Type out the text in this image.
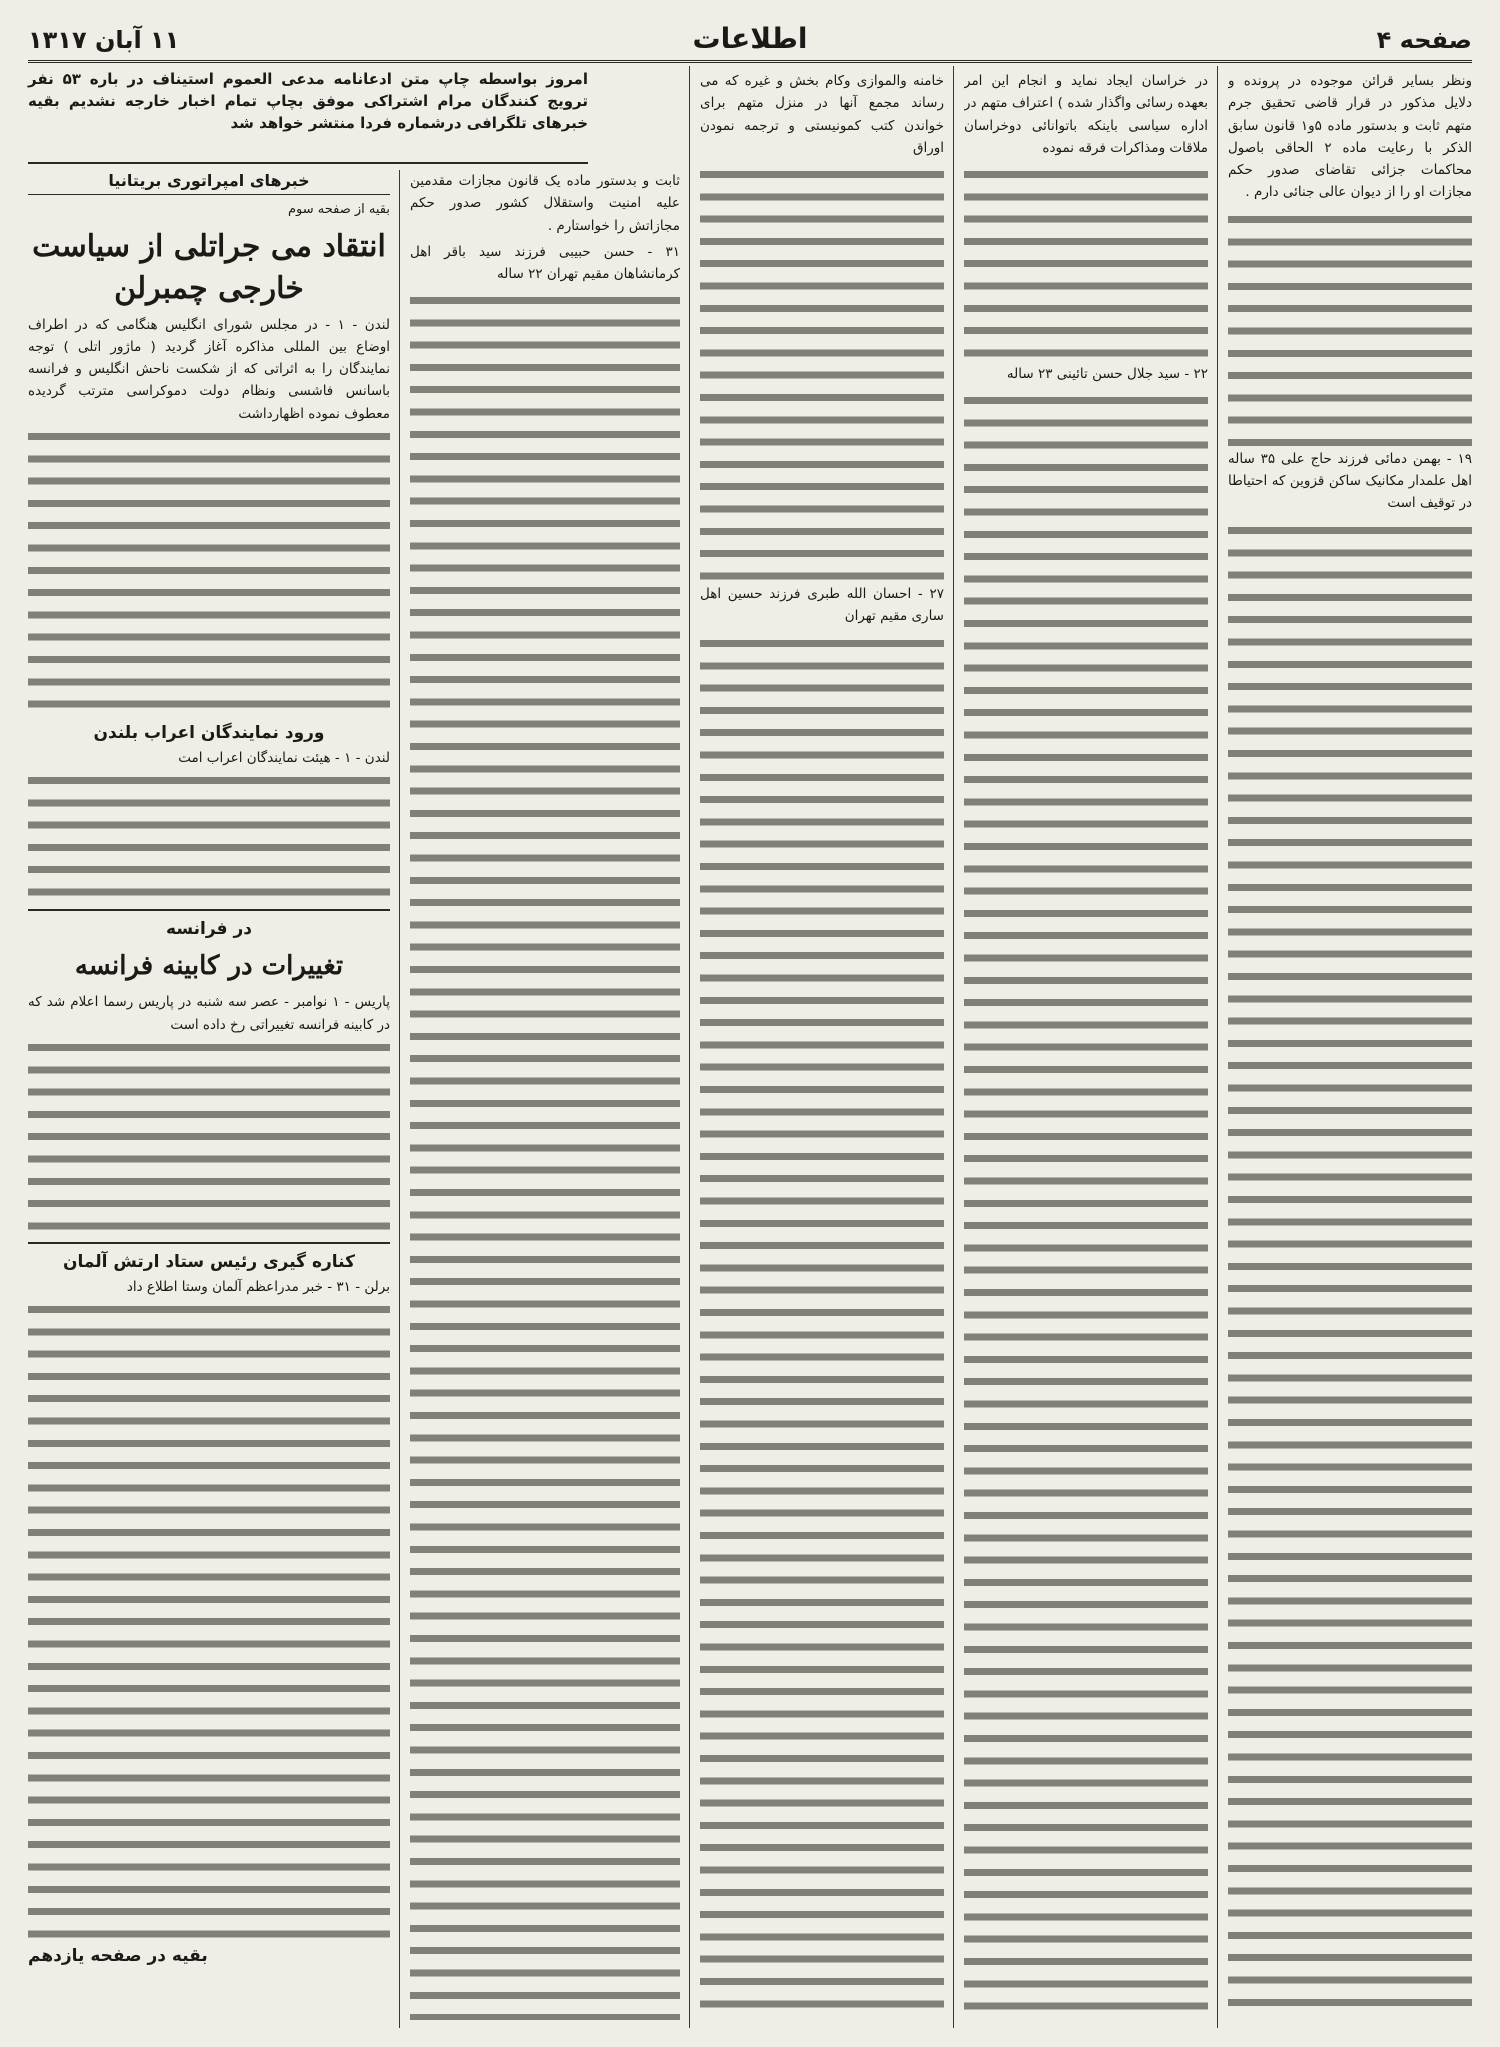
صفحه ۴
اطلاعات
۱۱ آبان ۱۳۱۷

ونظر بسایر قرائن موجوده در پرونده و دلایل مذکور در قرار قاضی تحقیق جرم متهم ثابت و بدستور ماده ۵و۱ قانون سابق الذکر با رعایت ماده ۲ الحاقی باصول محاکمات جزائی تقاضای صدور حکم مجازات او را از دیوان عالی جنائی دارم .

۱۹ - بهمن دمائی فرزند حاج علی ۳۵ ساله اهل علمدار مکانیک ساکن قزوین که احتیاطا در توقیف است

در خراسان ایجاد نماید و انجام این امر بعهده رسائی واگذار شده ) اعتراف متهم در اداره سیاسی باینکه باتوانائی دوخراسان ملاقات ومذاکرات فرقه نموده

۲۲ - سید جلال حسن تائینی ۲۳ ساله

خامنه والموازی وکام بخش و غیره که می رساند مجمع آنها در منزل متهم برای خواندن کتب کمونیستی و ترجمه نمودن اوراق

۲۷ - احسان الله طبری فرزند حسین اهل ساری مقیم تهران

امروز بواسطه چاپ متن ادعانامه مدعی العموم استیناف در باره ۵۳ نفر ترویج کنندگان مرام اشتراکی موفق بچاپ تمام اخبار خارجه نشدیم بقیه خبرهای تلگرافی درشماره فردا منتشر خواهد شد

ثابت و بدستور ماده یک قانون مجازات مقدمین علیه امنیت واستقلال کشور صدور حکم مجازاتش را خواستارم .

۳۱ - حسن حبیبی فرزند سید باقر اهل کرمانشاهان مقیم تهران ۲۲ ساله

خبرهای امپراتوری بریتانیا
بقیه از صفحه سوم
انتقاد می جراتلی از سیاست خارجی چمبرلن

لندن - ۱ - در مجلس شورای انگلیس هنگامی که در اطراف اوضاع بین المللی مذاکره آغاز گردید ( ماژور اتلی ) توجه نمایندگان را به اثراتی که از شکست ناحش انگلیس و فرانسه باسانس فاشسی ونظام دولت دموکراسی مترتب گردیده معطوف نموده اظهارداشت

ورود نمایندگان اعراب بلندن

لندن - ۱ - هیئت نمایندگان اعراب امت

در فرانسه
تغییرات در کابینه فرانسه

پاریس - ۱ نوامبر - عصر سه شنبه در پاریس رسما اعلام شد که در کابینه فرانسه تغییراتی رخ داده است

کناره گیری رئیس ستاد ارتش آلمان

برلن - ۳۱ - خبر مدراعظم آلمان وستا اطلاع داد

بقیه در صفحه یازدهم
